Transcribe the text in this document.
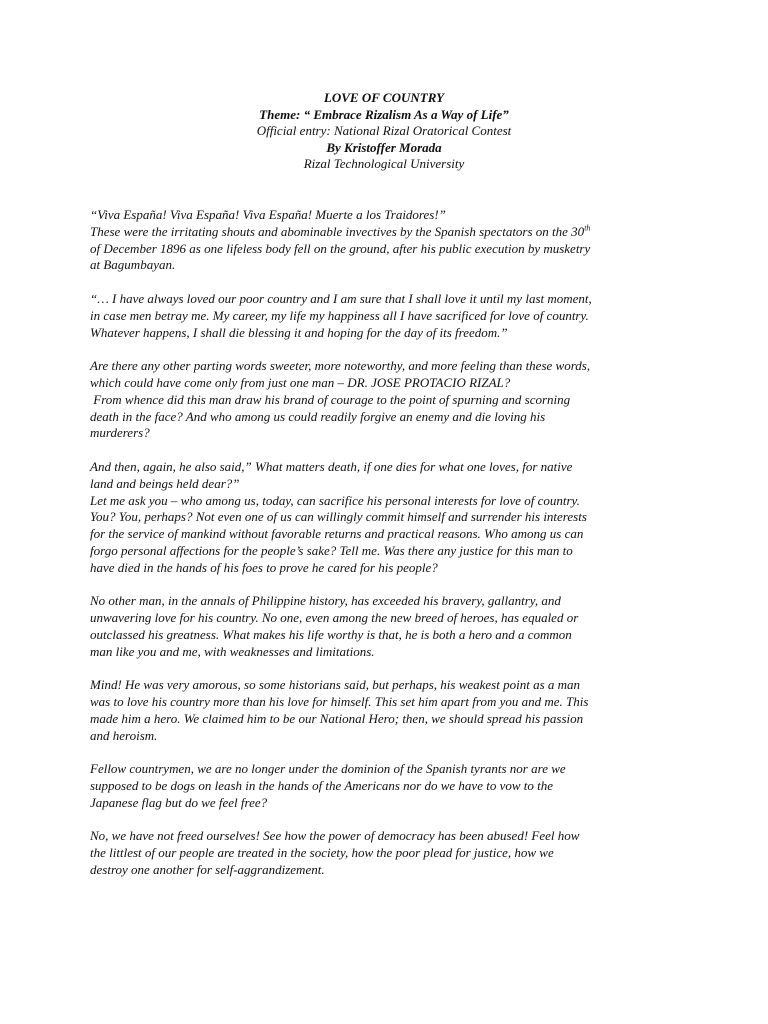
LOVE OF COUNTRY
Theme: “ Embrace Rizalism As a Way of Life”
Official entry: National Rizal Oratorical Contest
By Kristoffer Morada
Rizal Technological University
“Viva España! Viva España! Viva España! Muerte a los Traidores!”
These were the irritating shouts and abominable invectives by the Spanish spectators on the 30th
of December 1896 as one lifeless body fell on the ground, after his public execution by musketry
at Bagumbayan.
“… I have always loved our poor country and I am sure that I shall love it until my last moment,
in case men betray me. My career, my life my happiness all I have sacrificed for love of country.
Whatever happens, I shall die blessing it and hoping for the day of its freedom.”
Are there any other parting words sweeter, more noteworthy, and more feeling than these words,
which could have come only from just one man – DR. JOSE PROTACIO RIZAL?
From whence did this man draw his brand of courage to the point of spurning and scorning
death in the face? And who among us could readily forgive an enemy and die loving his
murderers?
And then, again, he also said,” What matters death, if one dies for what one loves, for native
land and beings held dear?”
Let me ask you – who among us, today, can sacrifice his personal interests for love of country.
You? You, perhaps? Not even one of us can willingly commit himself and surrender his interests
for the service of mankind without favorable returns and practical reasons. Who among us can
forgo personal affections for the people’s sake? Tell me. Was there any justice for this man to
have died in the hands of his foes to prove he cared for his people?
No other man, in the annals of Philippine history, has exceeded his bravery, gallantry, and
unwavering love for his country. No one, even among the new breed of heroes, has equaled or
outclassed his greatness. What makes his life worthy is that, he is both a hero and a common
man like you and me, with weaknesses and limitations.
Mind! He was very amorous, so some historians said, but perhaps, his weakest point as a man
was to love his country more than his love for himself. This set him apart from you and me. This
made him a hero. We claimed him to be our National Hero; then, we should spread his passion
and heroism.
Fellow countrymen, we are no longer under the dominion of the Spanish tyrants nor are we
supposed to be dogs on leash in the hands of the Americans nor do we have to vow to the
Japanese flag but do we feel free?
No, we have not freed ourselves! See how the power of democracy has been abused! Feel how
the littlest of our people are treated in the society, how the poor plead for justice, how we
destroy one another for self-aggrandizement.
